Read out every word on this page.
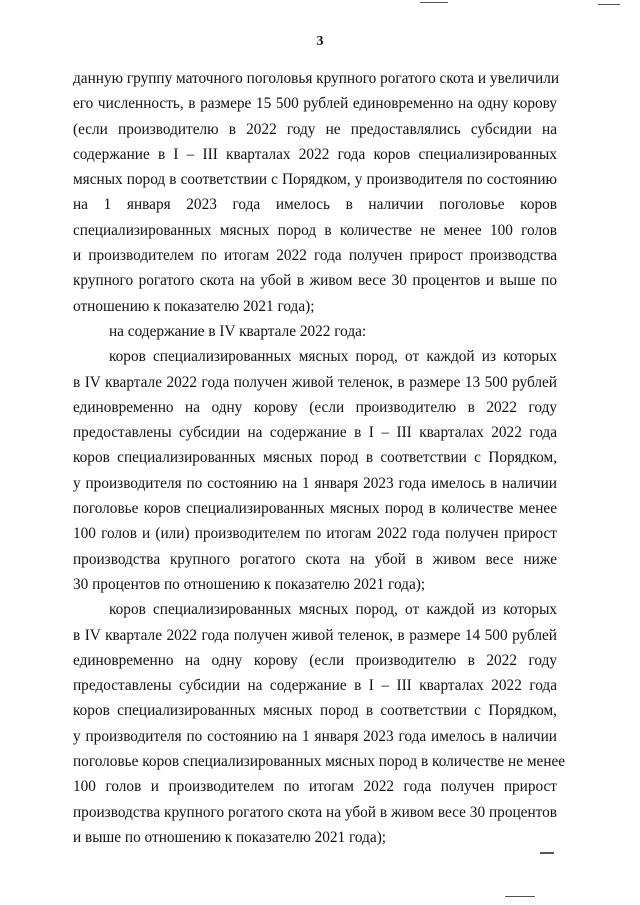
3
данную группу маточного поголовья крупного рогатого скота и увеличили
его численность, в размере 15 500 рублей единовременно на одну корову
(если производителю в 2022 году не предоставлялись субсидии на
содержание в I – III кварталах 2022 года коров специализированных
мясных пород в соответствии с Порядком, у производителя по состоянию
на 1 января 2023 года имелось в наличии поголовье коров
специализированных мясных пород в количестве не менее 100 голов
и производителем по итогам 2022 года получен прирост производства
крупного рогатого скота на убой в живом весе 30 процентов и выше по
отношению к показателю 2021 года);
на содержание в IV квартале 2022 года:
коров специализированных мясных пород, от каждой из которых
в IV квартале 2022 года получен живой теленок, в размере 13 500 рублей
единовременно на одну корову (если производителю в 2022 году
предоставлены субсидии на содержание в I – III кварталах 2022 года
коров специализированных мясных пород в соответствии с Порядком,
у производителя по состоянию на 1 января 2023 года имелось в наличии
поголовье коров специализированных мясных пород в количестве менее
100 голов и (или) производителем по итогам 2022 года получен прирост
производства крупного рогатого скота на убой в живом весе ниже
30 процентов по отношению к показателю 2021 года);
коров специализированных мясных пород, от каждой из которых
в IV квартале 2022 года получен живой теленок, в размере 14 500 рублей
единовременно на одну корову (если производителю в 2022 году
предоставлены субсидии на содержание в I – III кварталах 2022 года
коров специализированных мясных пород в соответствии с Порядком,
у производителя по состоянию на 1 января 2023 года имелось в наличии
поголовье коров специализированных мясных пород в количестве не менее
100 голов и производителем по итогам 2022 года получен прирост
производства крупного рогатого скота на убой в живом весе 30 процентов
и выше по отношению к показателю 2021 года);
